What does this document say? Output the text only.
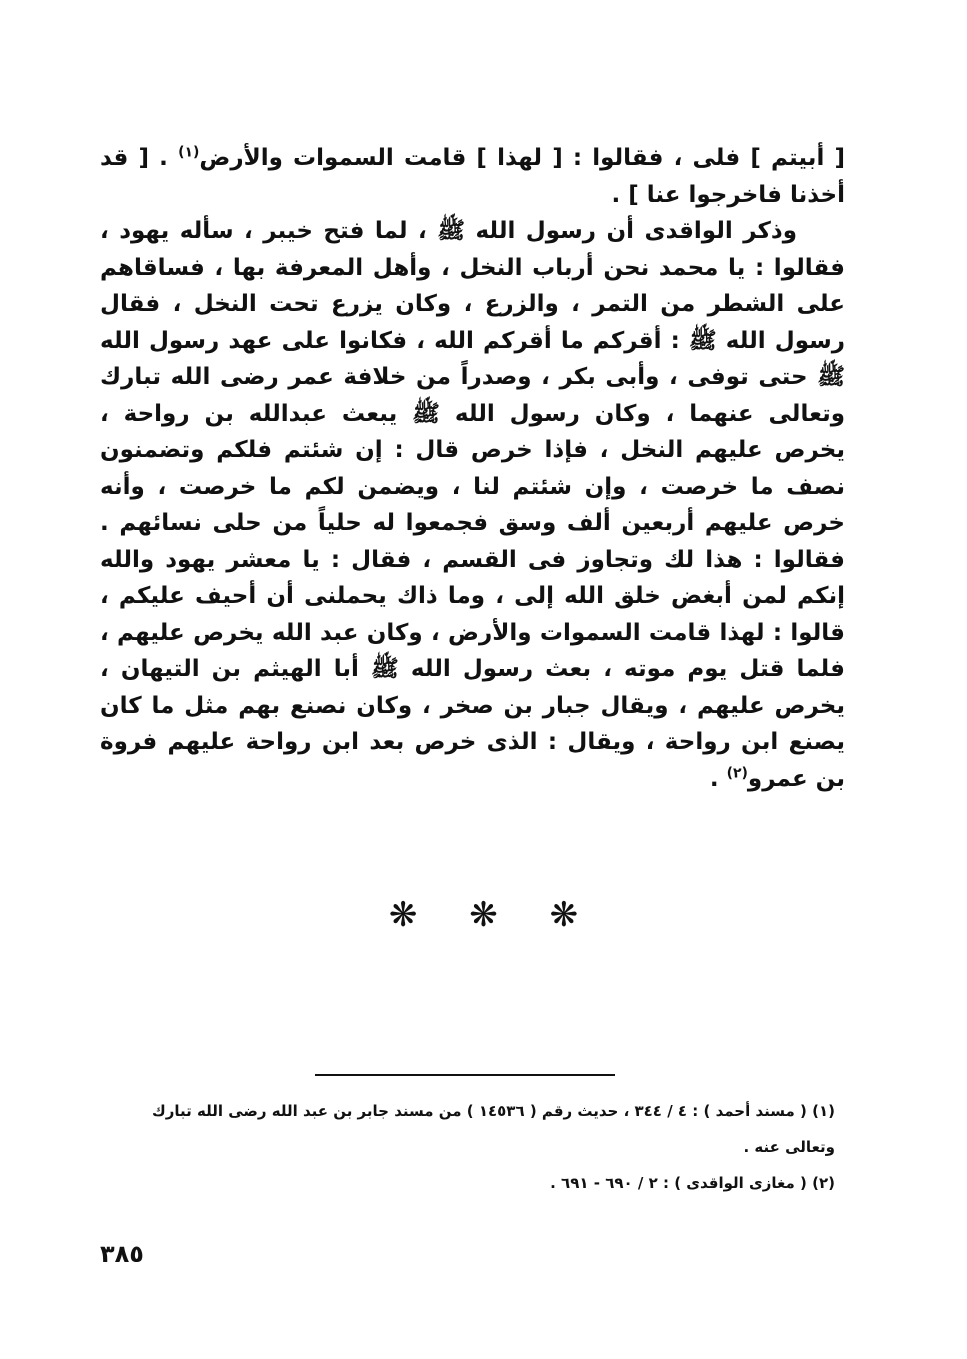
[ أبيتم ] فلى ، فقالوا : [ لهذا ] قامت السموات والأرض$^{(١)}$ . [ قد أخذنا فاخرجوا عنا ] .

وذكر الواقدى أن رسول الله ﷺ ، لما فتح خيبر ، سأله يهود ، فقالوا : يا محمد نحن أرباب النخل ، وأهل المعرفة بها ، فساقاهم على الشطر من التمر ، والزرع ، وكان يزرع تحت النخل ، فقال رسول الله ﷺ : أقركم ما أقركم الله ، فكانوا على عهد رسول الله ﷺ حتى توفى ، وأبى بكر ، وصدراً من خلافة عمر رضى الله تبارك وتعالى عنهما ، وكان رسول الله ﷺ يبعث عبدالله بن رواحة ، يخرص عليهم النخل ، فإذا خرص قال : إن شئتم فلكم وتضمنون نصف ما خرصت ، وإن شئتم لنا ، ويضمن لكم ما خرصت ، وأنه خرص عليهم أربعين ألف وسق فجمعوا له حلياً من حلى نسائهم . فقالوا : هذا لك وتجاوز فى القسم ، فقال : يا معشر يهود والله إنكم لمن أبغض خلق الله إلى ، وما ذاك يحملنى أن أحيف عليكم ، قالوا : لهذا قامت السموات والأرض ، وكان عبد الله يخرص عليهم ، فلما قتل يوم موته ، بعث رسول الله ﷺ أبا الهيثم بن التيهان ، يخرص عليهم ، ويقال جبار بن صخر ، وكان نصنع بهم مثل ما كان يصنع ابن رواحة ، ويقال : الذى خرص بعد ابن رواحة عليهم فروة بن عمرو$^{(٢)}$ .

❋ ❋ ❋

(١) ( مسند أحمد ) : ٤ / ٣٤٤ ، حديث رقم ( ١٤٥٣٦ ) من مسند جابر بن عبد الله رضى الله تبارك وتعالى عنه .

(٢) ( مغازى الواقدى ) : ٢ / ٦٩٠ - ٦٩١ .

٣٨٥
